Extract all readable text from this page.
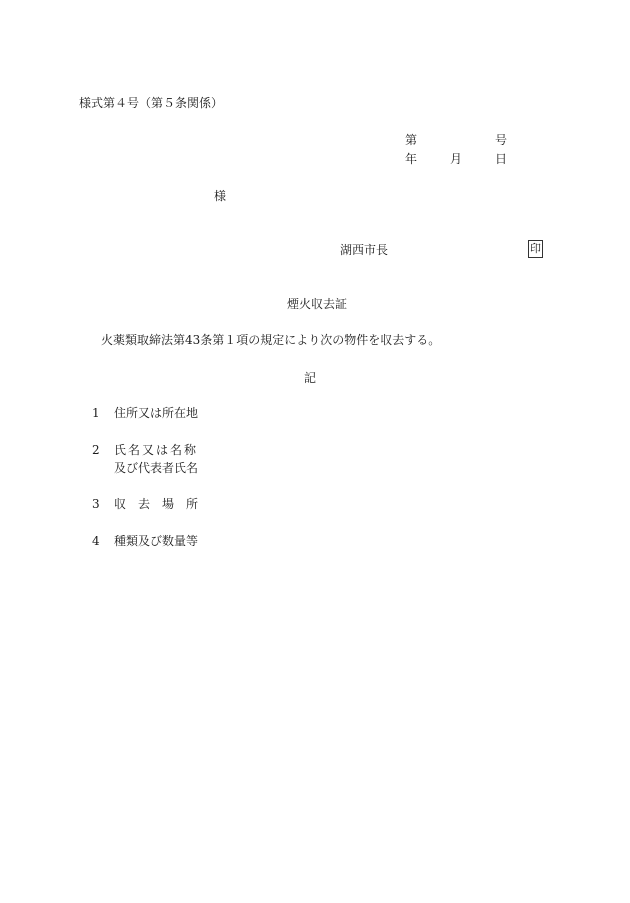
様式第４号（第５条関係）
第	号
年	月	日
様
湖西市長	印
煙火収去証
火薬類取締法第43条第１項の規定により次の物件を収去する。
記
1 住所又は所在地
2 氏名又は名称
及び代表者氏名
3 収　去　場　所
4 種類及び数量等
